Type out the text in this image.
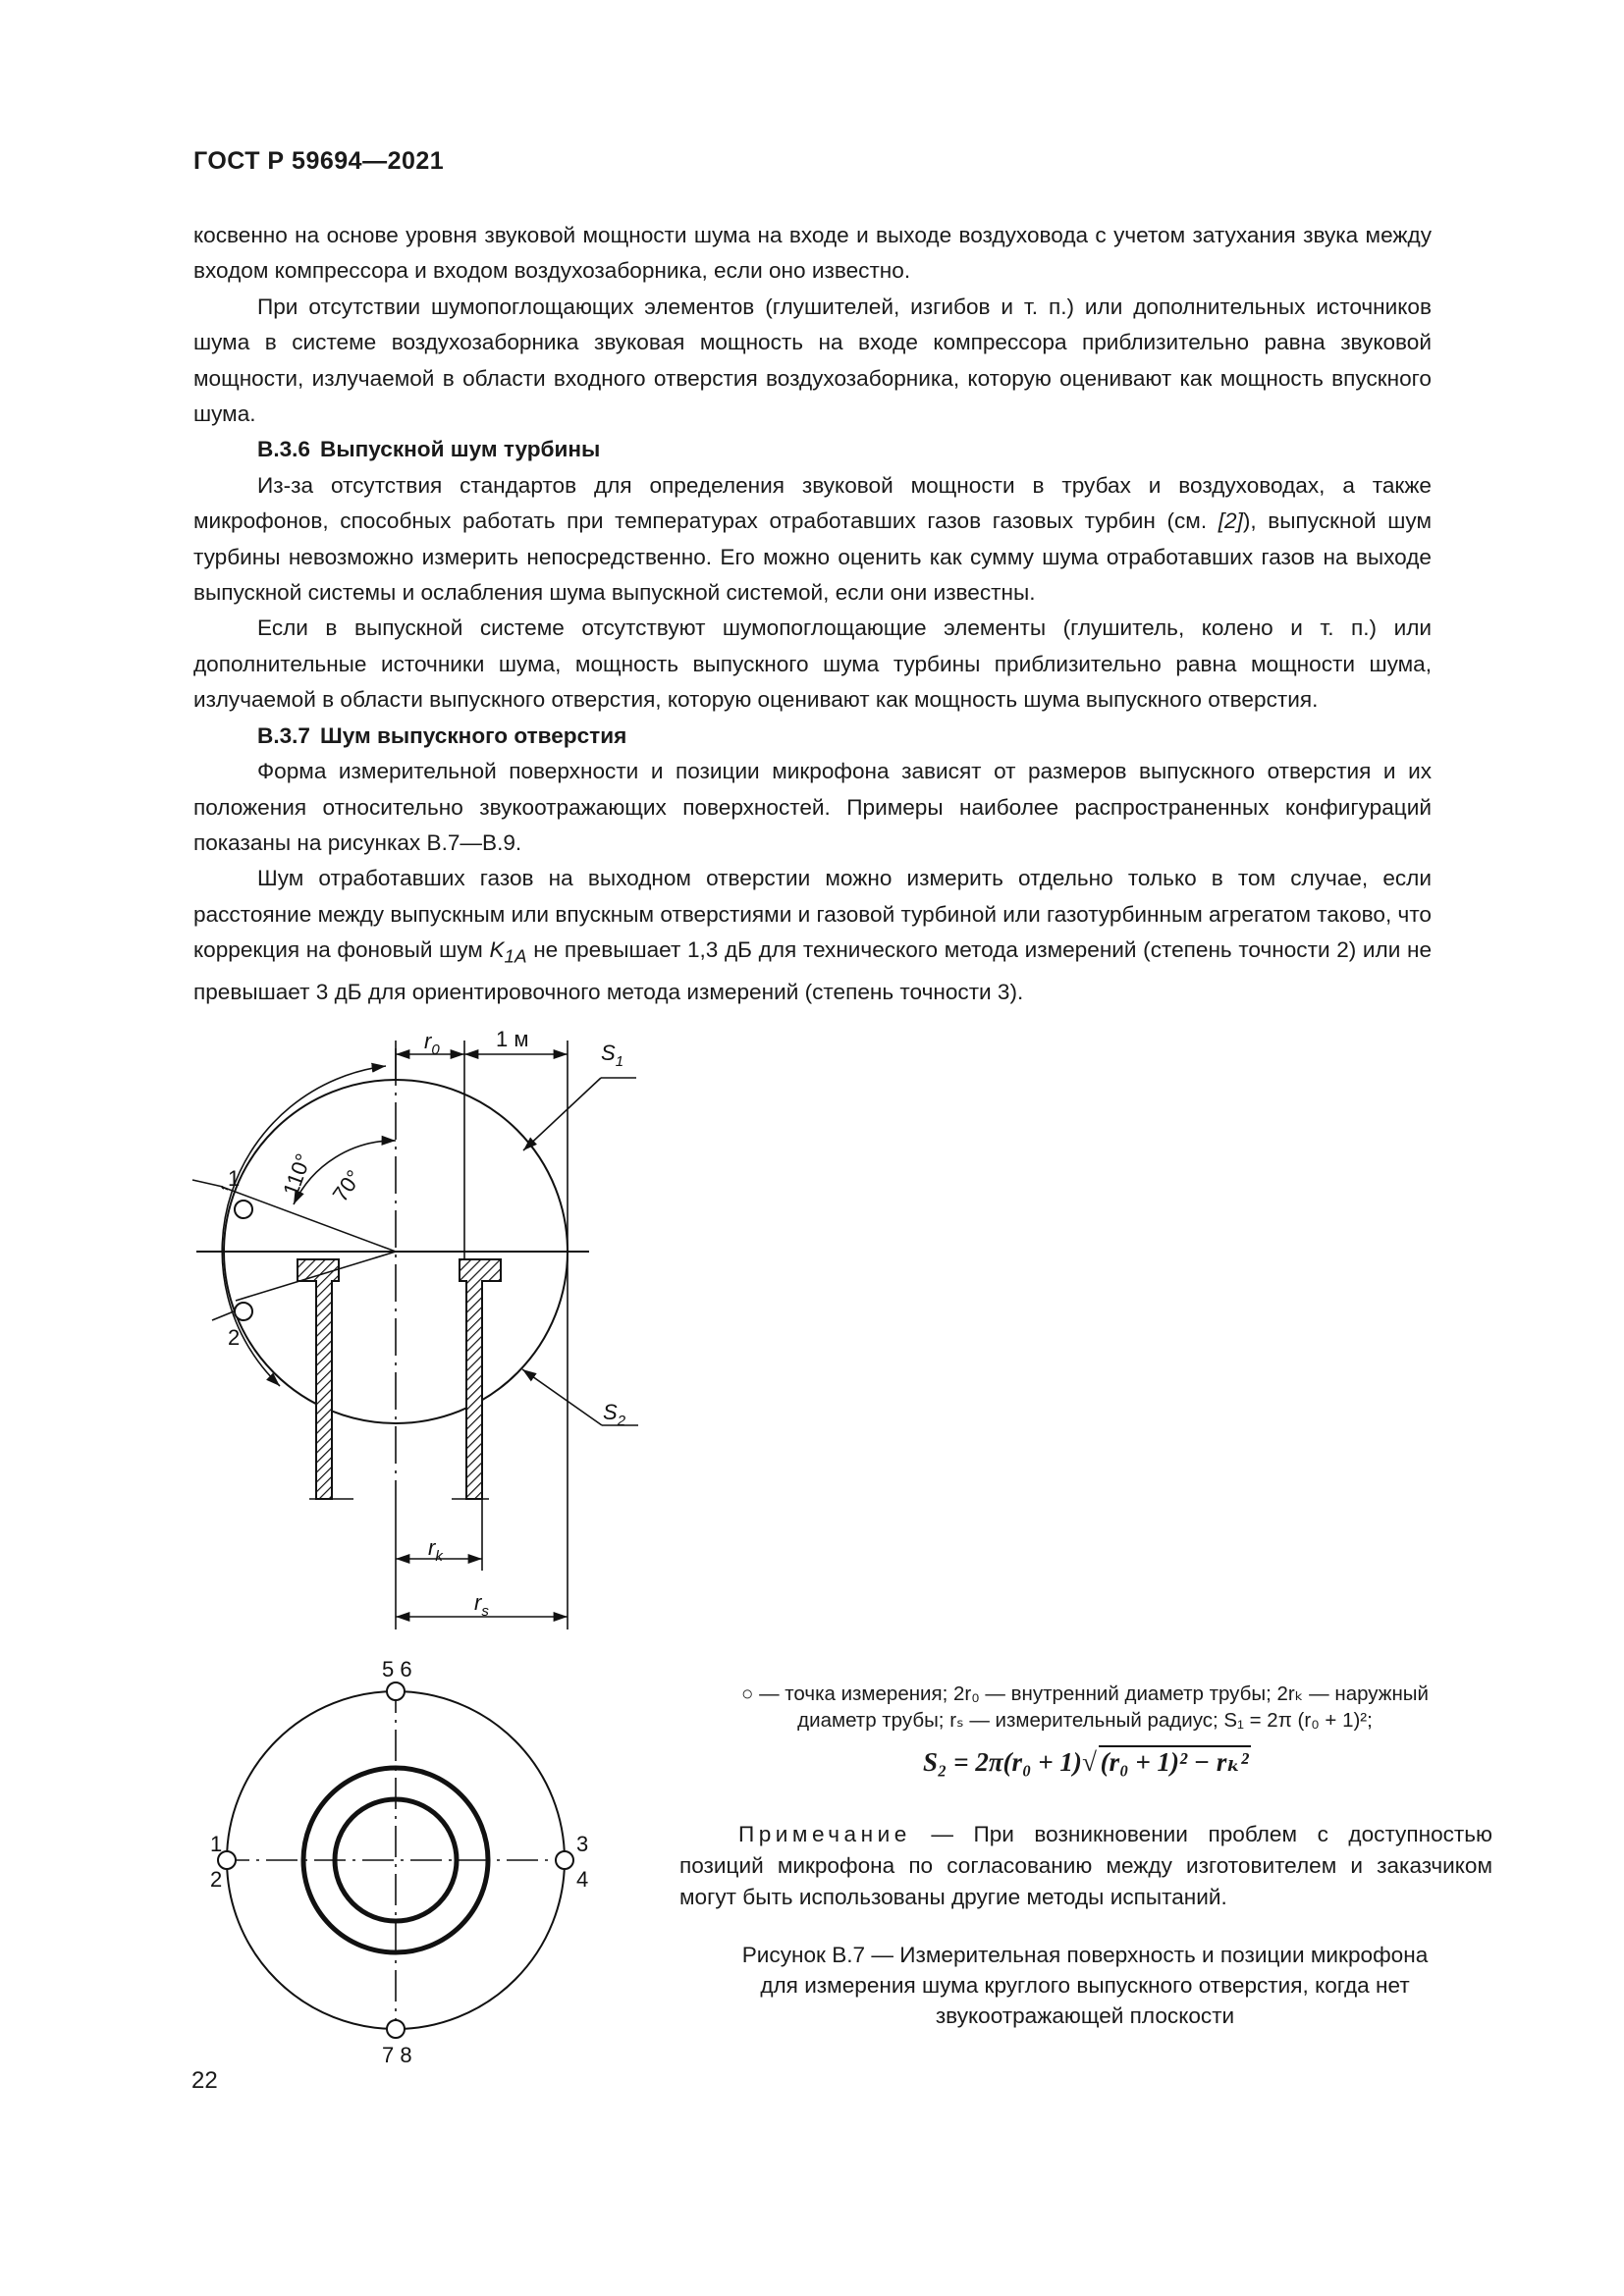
ГОСТ Р 59694—2021

косвенно на основе уровня звуковой мощности шума на входе и выходе воздуховода с учетом затухания звука между входом компрессора и входом воздухозаборника, если оно известно.

При отсутствии шумопоглощающих элементов (глушителей, изгибов и т. п.) или дополнительных источников шума в системе воздухозаборника звуковая мощность на входе компрессора приблизительно равна звуковой мощности, излучаемой в области входного отверстия воздухозаборника, которую оценивают как мощность впускного шума.

B.3.6 Выпускной шум турбины

Из-за отсутствия стандартов для определения звуковой мощности в трубах и воздуховодах, а также микрофонов, способных работать при температурах отработавших газов газовых турбин (см. [2]), выпускной шум турбины невозможно измерить непосредственно. Его можно оценить как сумму шума отработавших газов на выходе выпускной системы и ослабления шума выпускной системой, если они известны.

Если в выпускной системе отсутствуют шумопоглощающие элементы (глушитель, колено и т. п.) или дополнительные источники шума, мощность выпускного шума турбины приблизительно равна мощности шума, излучаемой в области выпускного отверстия, которую оценивают как мощность шума выпускного отверстия.

B.3.7 Шум выпускного отверстия

Форма измерительной поверхности и позиции микрофона зависят от размеров выпускного отверстия и их положения относительно звукоотражающих поверхностей. Примеры наиболее распространенных конфигураций показаны на рисунках B.7—B.9.

Шум отработавших газов на выходном отверстии можно измерить отдельно только в том случае, если расстояние между выпускным или впускным отверстиями и газовой турбиной или газотурбинным агрегатом таково, что коррекция на фоновый шум $K_{1A}$ не превышает 1,3 дБ для технического метода измерений (степень точности 2) или не превышает 3 дБ для ориентировочного метода измерений (степень точности 3).

$r_0$	1 м
$S_1$
$S_2$
110° 70°
1
2
$r_k$
$r_s$
5 6
7 8
1
2
3
4
○ — точка измерения; 2r₀ — внутренний диаметр трубы; 2rₖ — наружный
диаметр трубы; rₛ — измерительный радиус; S₁ = 2π (r₀ + 1)²;
S₂ = 2π(r₀ + 1)√ (r₀ + 1)² − rₖ²
Примечание — При возникновении проблем с доступностью позиций микрофона по согласованию между изготовителем и заказчиком могут быть использованы другие методы испытаний.
Рисунок B.7 — Измерительная поверхность и позиции микрофона
для измерения шума круглого выпускного отверстия, когда нет
звукоотражающей плоскости
22
